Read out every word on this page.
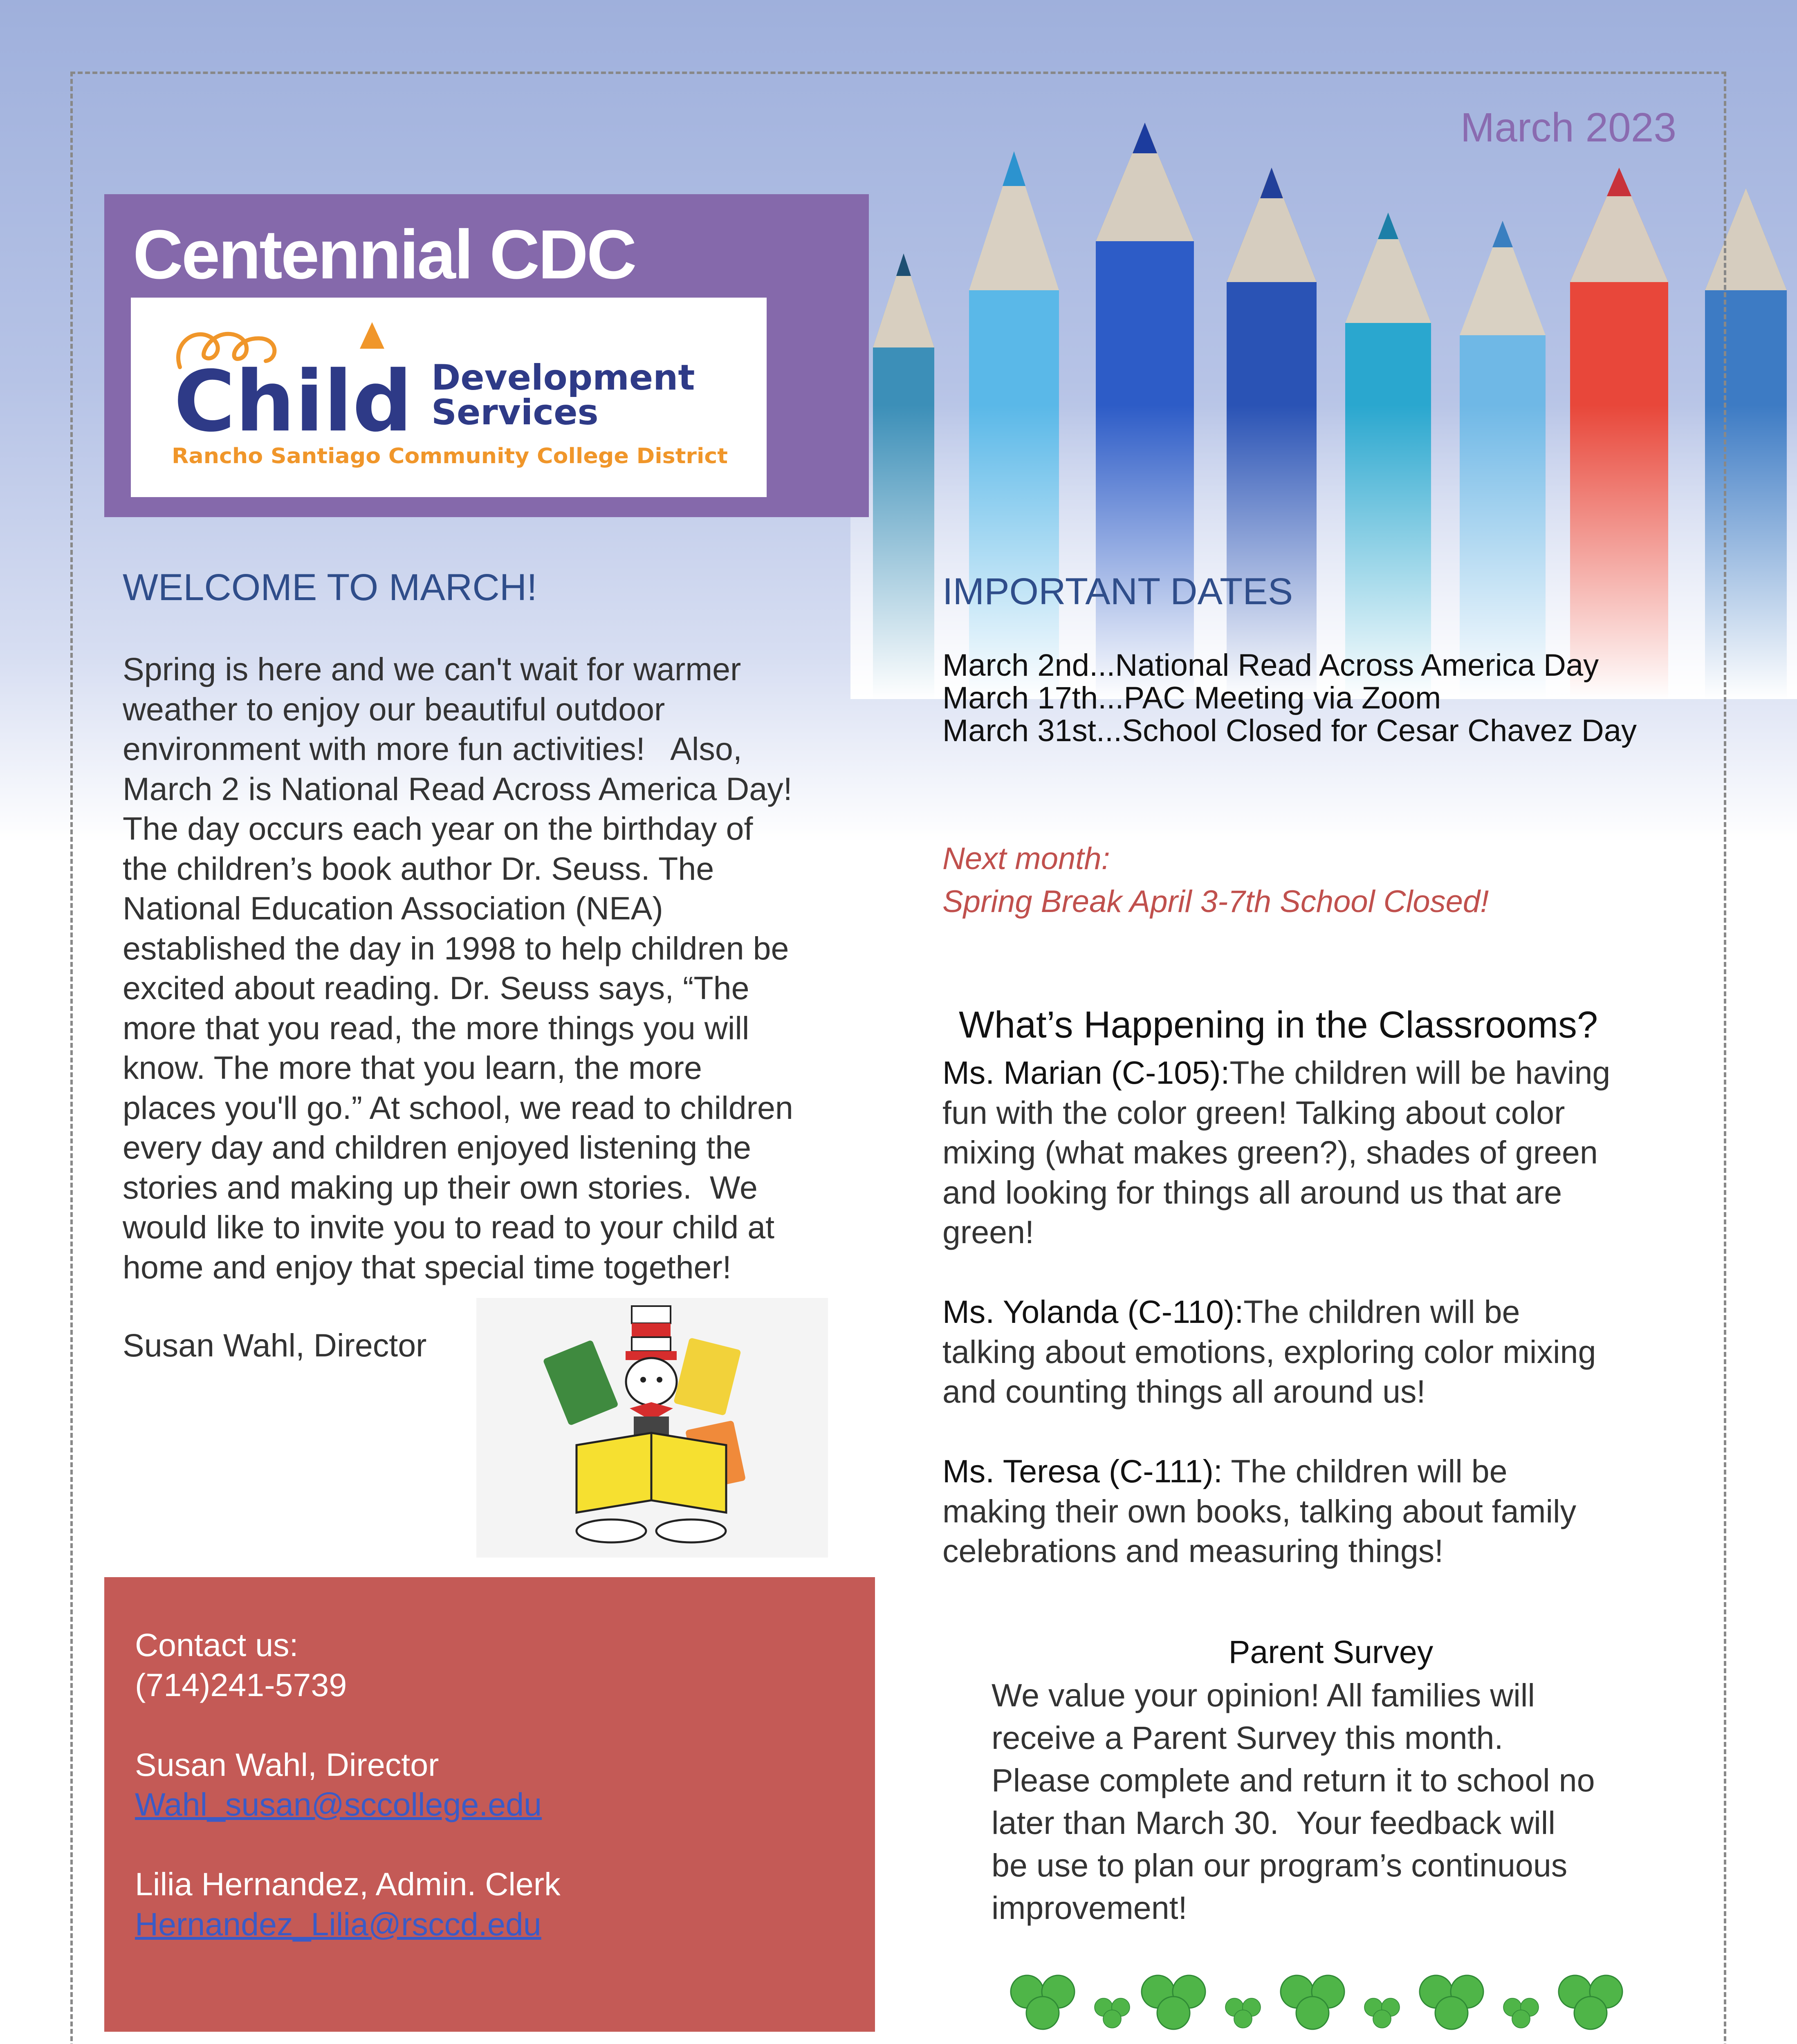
March 2023
Centennial CDC
Child Development
Services
Rancho Santiago Community College District
WELCOME TO MARCH!
Spring is here and we can't wait for warmer
weather to enjoy our beautiful outdoor
environment with more fun activities!   Also,
March 2 is National Read Across America Day!
The day occurs each year on the birthday of
the children’s book author Dr. Seuss. The
National Education Association (NEA)
established the day in 1998 to help children be
excited about reading. Dr. Seuss says, “The
more that you read, the more things you will
know. The more that you learn, the more
places you'll go.” At school, we read to children
every day and children enjoyed listening the
stories and making up their own stories.  We
would like to invite you to read to your child at
home and enjoy that special time together!
Susan Wahl, Director
IMPORTANT DATES
March 2nd...National Read Across America Day
March 17th...PAC Meeting via Zoom
March 31st...School Closed for Cesar Chavez Day
Next month:
Spring Break April 3-7th School Closed!
What’s Happening in the Classrooms?
Ms. Marian (C-105):The children will be having
fun with the color green! Talking about color
mixing (what makes green?), shades of green
and looking for things all around us that are
green!
Ms. Yolanda (C-110):The children will be
talking about emotions, exploring color mixing
and counting things all around us!
Ms. Teresa (C-111): The children will be
making their own books, talking about family
celebrations and measuring things!
Contact us:
(714)241-5739
Susan Wahl, Director
Wahl_susan@sccollege.edu
Lilia Hernandez, Admin. Clerk
Hernandez_Lilia@rsccd.edu
Parent Survey
We value your opinion! All families will
receive a Parent Survey this month.
Please complete and return it to school no
later than March 30.  Your feedback will
be use to plan our program’s continuous
improvement!
